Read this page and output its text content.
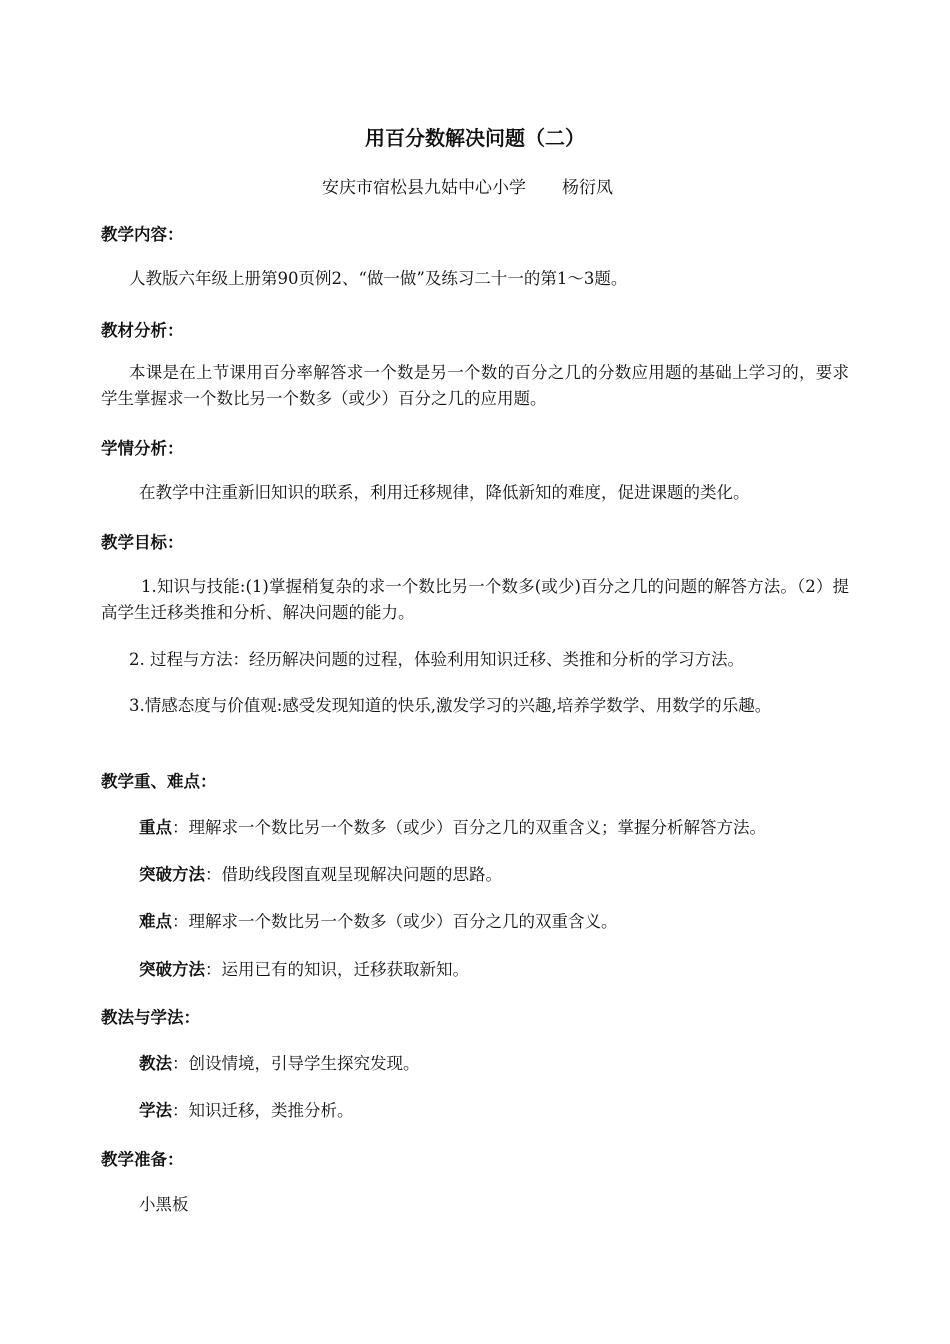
用百分数解决问题（二）
安庆市宿松县九姑中心小学 杨衍凤
教学内容：
人教版六年级上册第90页例2、“做一做”及练习二十一的第1～3题。
教材分析：
本课是在上节课用百分率解答求一个数是另一个数的百分之几的分数应用题的基础上学习的，要求学生掌握求一个数比另一个数多（或少）百分之几的应用题。
学情分析：
在教学中注重新旧知识的联系，利用迁移规律，降低新知的难度，促进课题的类化。
教学目标：
1.知识与技能:(1)掌握稍复杂的求一个数比另一个数多(或少)百分之几的问题的解答方法。（2）提高学生迁移类推和分析、解决问题的能力。
2. 过程与方法：经历解决问题的过程，体验利用知识迁移、类推和分析的学习方法。
3.情感态度与价值观:感受发现知道的快乐,激发学习的兴趣,培养学数学、用数学的乐趣。
教学重、难点：
重点：理解求一个数比另一个数多（或少）百分之几的双重含义；掌握分析解答方法。
突破方法：借助线段图直观呈现解决问题的思路。
难点：理解求一个数比另一个数多（或少）百分之几的双重含义。
突破方法：运用已有的知识，迁移获取新知。
教法与学法：
教法：创设情境，引导学生探究发现。
学法：知识迁移，类推分析。
教学准备：
小黑板
